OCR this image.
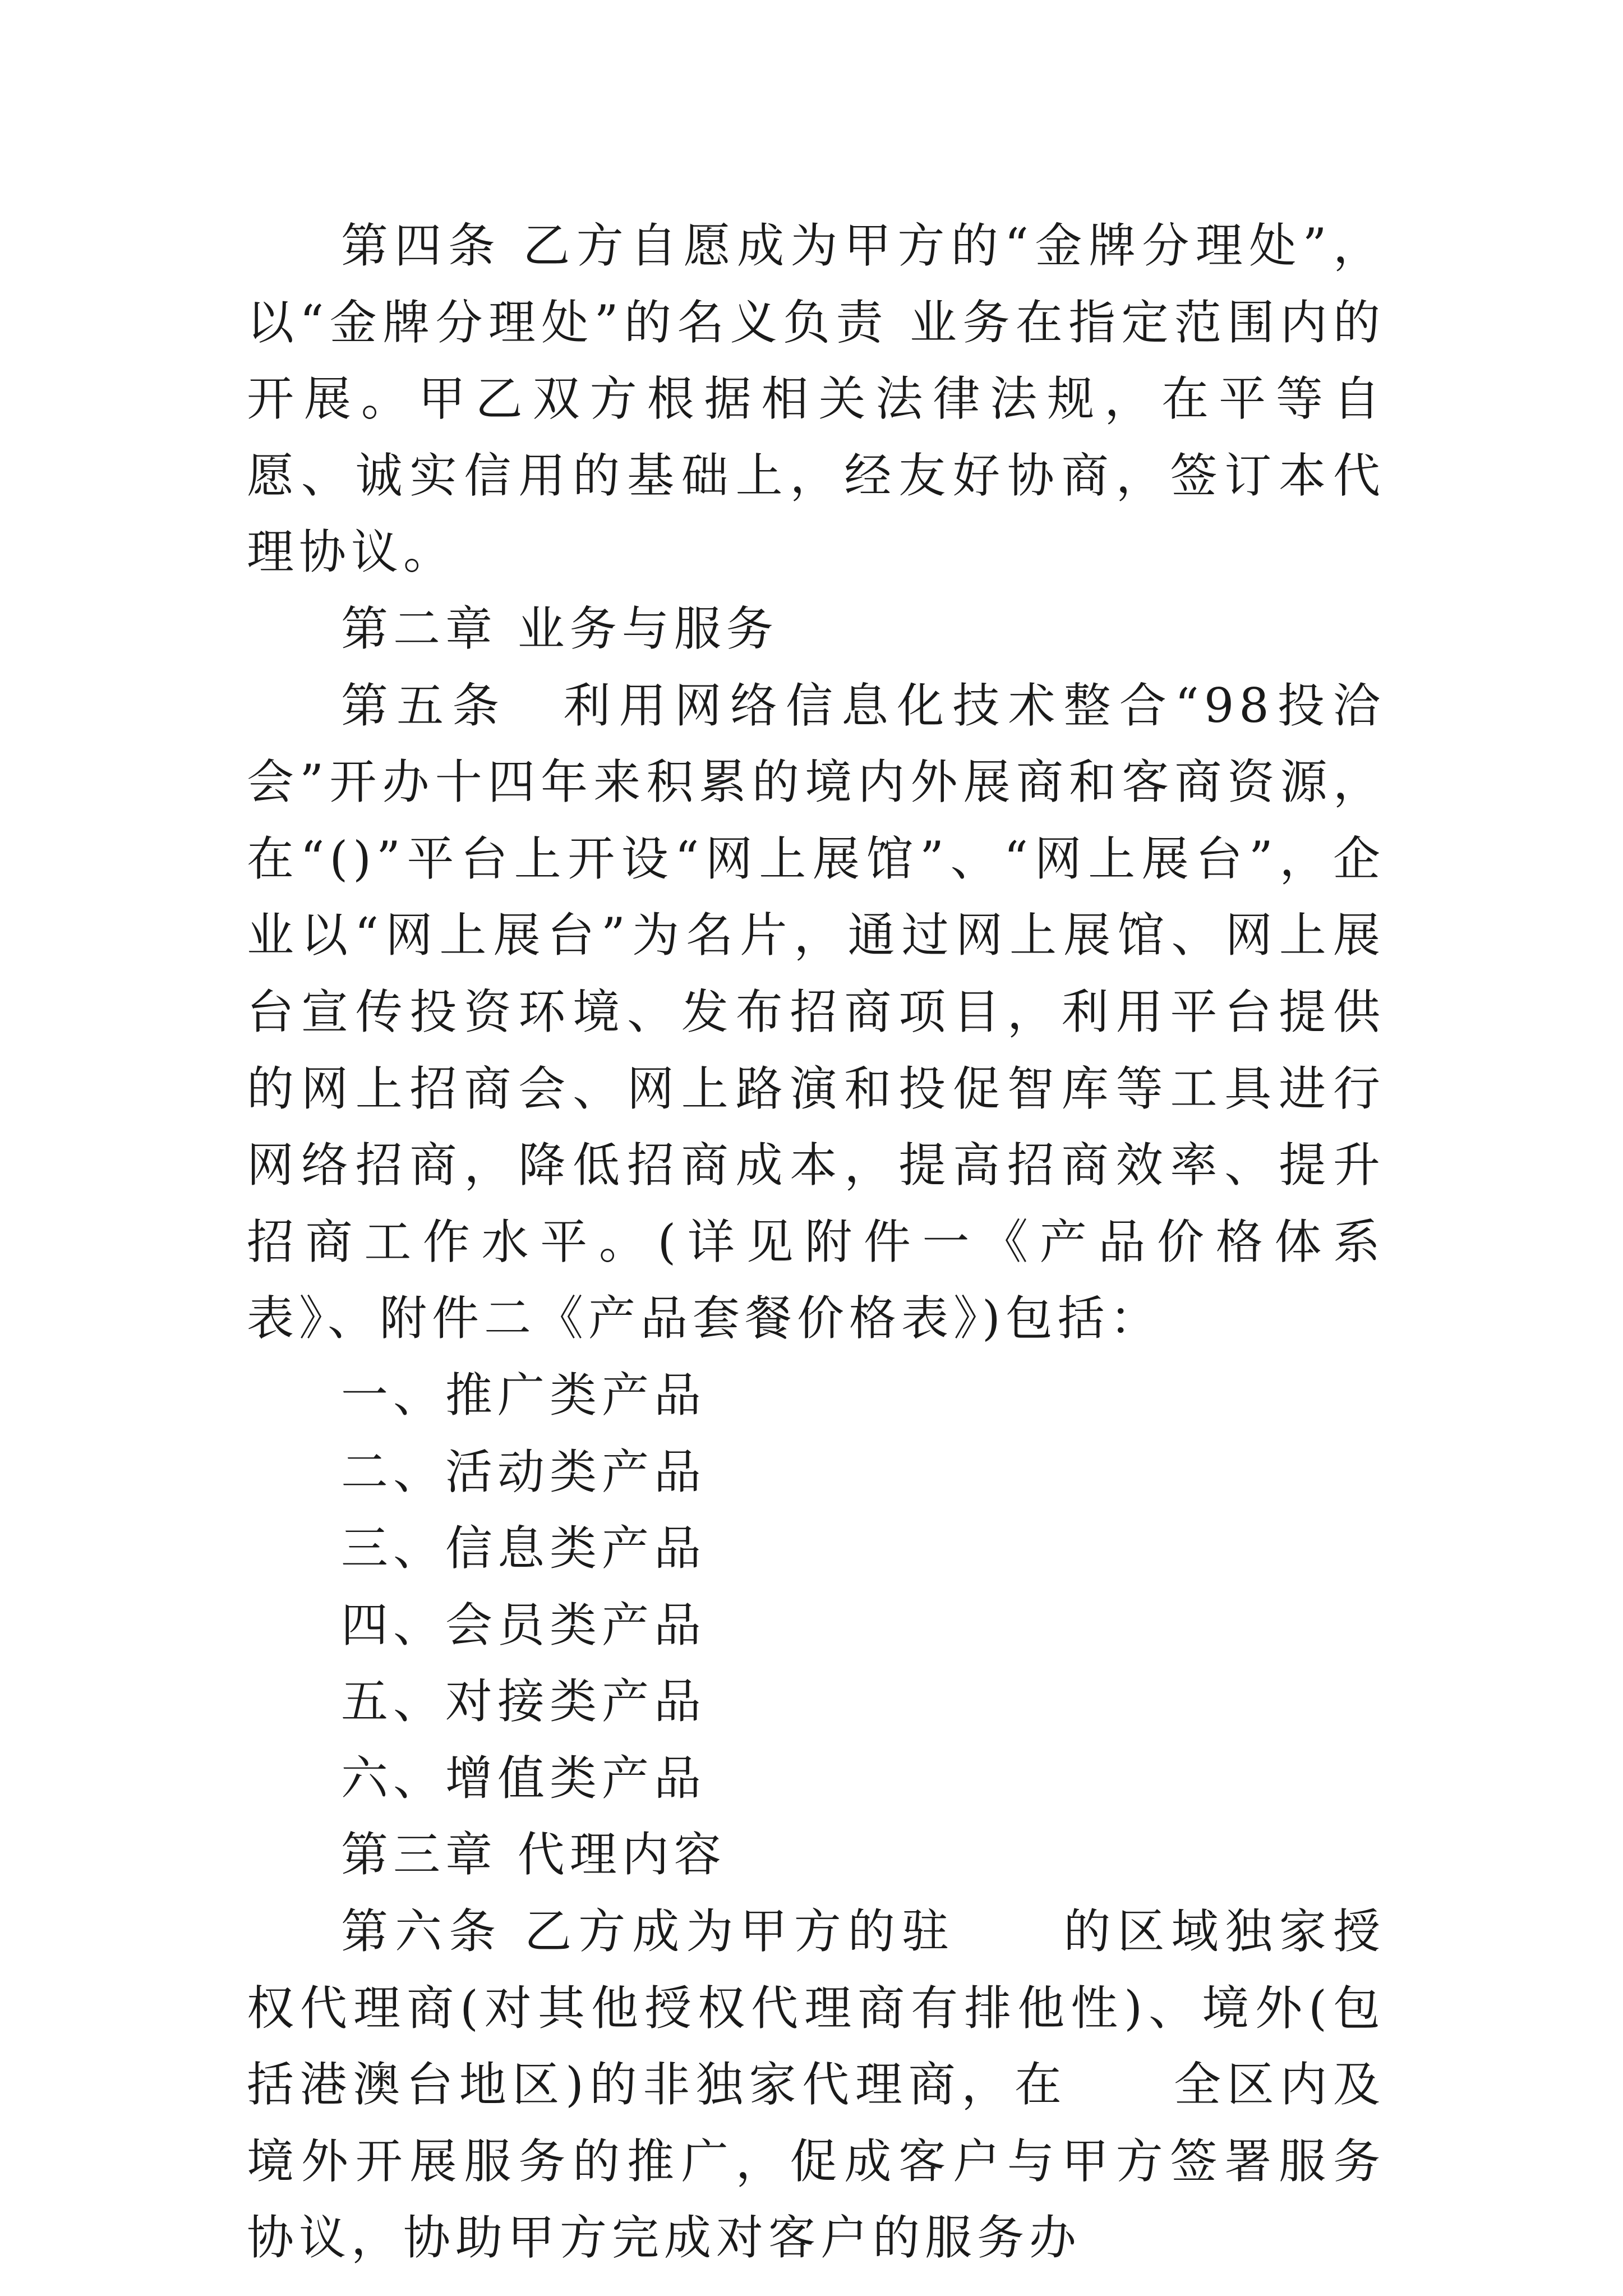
第四条 乙方自愿成为甲方的“金牌分理处”，以“金牌分理处”的名义负责 业务在指定范围内的开展。甲乙双方根据相关法律法规，在平等自愿、诚实信用的基础上，经友好协商，签订本代理协议。

第二章 业务与服务

第五条　利用网络信息化技术整合“98投洽会”开办十四年来积累的境内外展商和客商资源，在“()”平台上开设“网上展馆”、“网上展台”，企业以“网上展台”为名片，通过网上展馆、网上展台宣传投资环境、发布招商项目，利用平台提供的网上招商会、网上路演和投促智库等工具进行网络招商，降低招商成本，提高招商效率、提升招商工作水平。(详见附件一《产品价格体系表》、附件二《产品套餐价格表》)包括：

一、推广类产品

二、活动类产品

三、信息类产品

四、会员类产品

五、对接类产品

六、增值类产品

第三章 代理内容

第六条 乙方成为甲方的驻　　的区域独家授权代理商(对其他授权代理商有排他性)、境外(包括港澳台地区)的非独家代理商，在　　全区内及境外开展服务的推广，促成客户与甲方签署服务协议，协助甲方完成对客户的服务办
